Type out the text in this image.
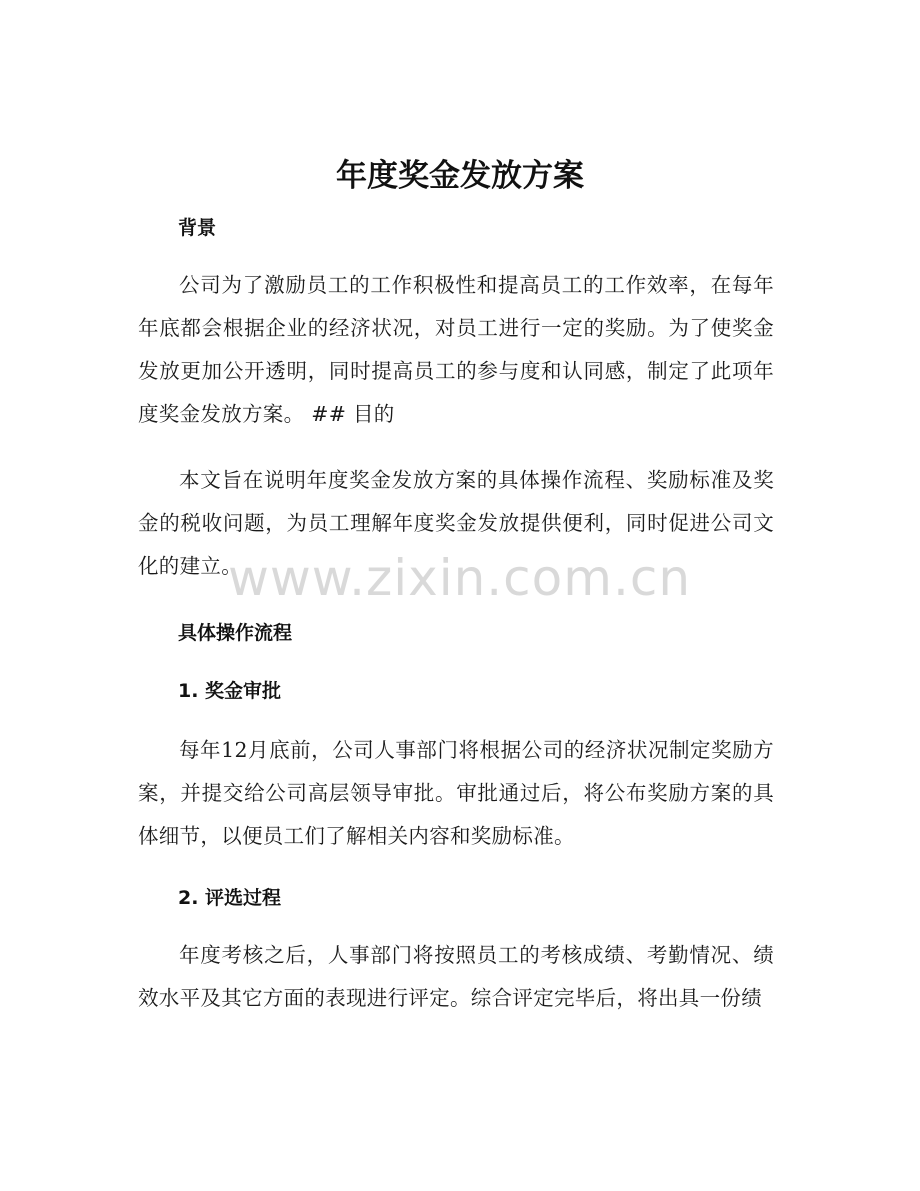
年度奖金发放方案
背景

公司为了激励员工的工作积极性和提高员工的工作效率，在每年年底都会根据企业的经济状况，对员工进行一定的奖励。为了使奖金发放更加公开透明，同时提高员工的参与度和认同感，制定了此项年度奖金发放方案。 ## 目的

本文旨在说明年度奖金发放方案的具体操作流程、奖励标准及奖金的税收问题，为员工理解年度奖金发放提供便利，同时促进公司文化的建立。

具体操作流程
1. 奖金审批

每年12月底前，公司人事部门将根据公司的经济状况制定奖励方案，并提交给公司高层领导审批。审批通过后，将公布奖励方案的具体细节，以便员工们了解相关内容和奖励标准。

2. 评选过程

年度考核之后，人事部门将按照员工的考核成绩、考勤情况、绩效水平及其它方面的表现进行评定。综合评定完毕后，将出具一份绩

www.zixin.com.cn
